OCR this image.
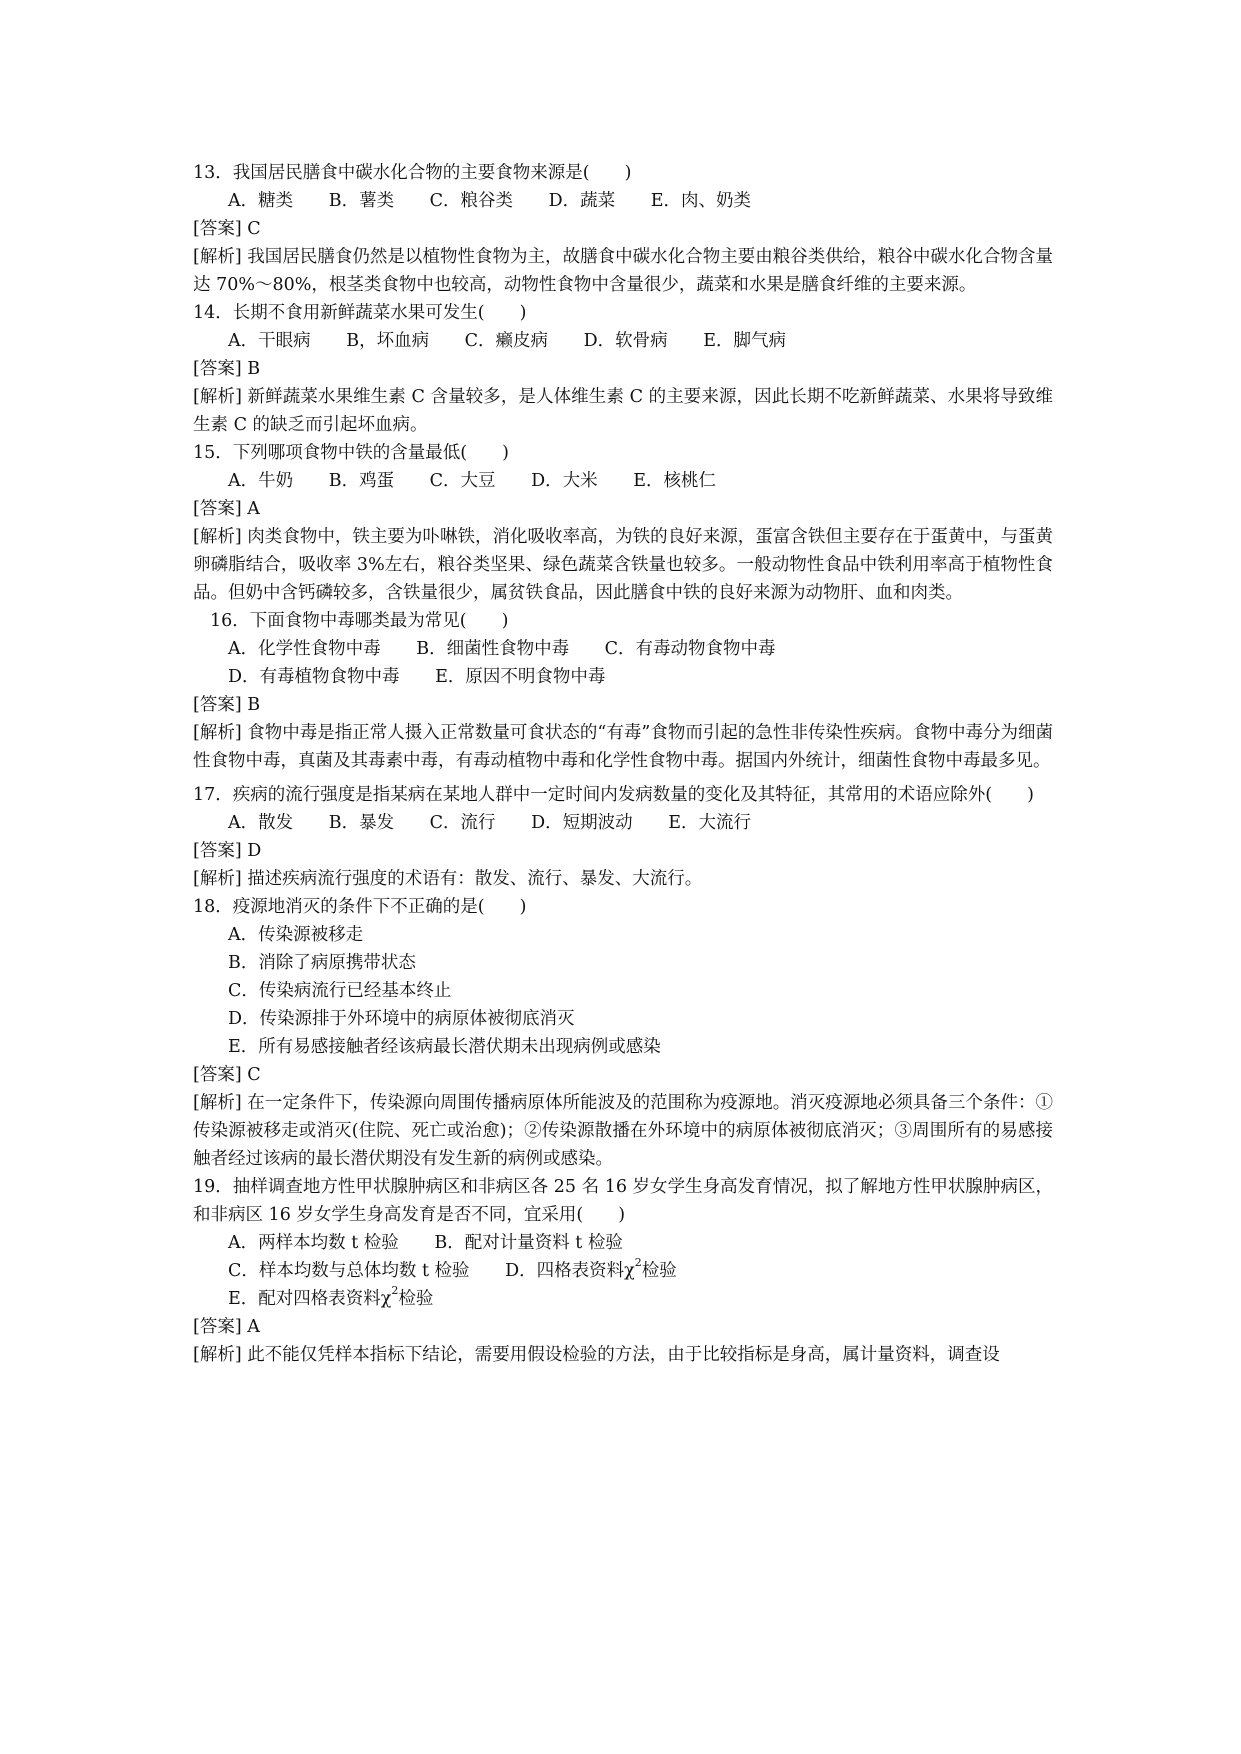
13．我国居民膳食中碳水化合物的主要食物来源是(　　)
A．糖类 B．薯类 C．粮谷类 D．蔬菜 E．肉、奶类
[答案] C
[解析] 我国居民膳食仍然是以植物性食物为主，故膳食中碳水化合物主要由粮谷类供给，粮谷中碳水化合物含量达 70%～80%，根茎类食物中也较高，动物性食物中含量很少，蔬菜和水果是膳食纤维的主要来源。
14．长期不食用新鲜蔬菜水果可发生(　　)
A．干眼病 B，坏血病 C．癞皮病 D．软骨病 E．脚气病
[答案] B
[解析] 新鲜蔬菜水果维生素 C 含量较多，是人体维生素 C 的主要来源，因此长期不吃新鲜蔬菜、水果将导致维生素 C 的缺乏而引起坏血病。
15．下列哪项食物中铁的含量最低(　　)
A．牛奶 B．鸡蛋 C．大豆 D．大米 E．核桃仁
[答案] A
[解析] 肉类食物中，铁主要为卟啉铁，消化吸收率高，为铁的良好来源，蛋富含铁但主要存在于蛋黄中，与蛋黄卵磷脂结合，吸收率 3%左右，粮谷类坚果、绿色蔬菜含铁量也较多。一般动物性食品中铁利用率高于植物性食品。但奶中含钙磷较多，含铁量很少，属贫铁食品，因此膳食中铁的良好来源为动物肝、血和肉类。
16．下面食物中毒哪类最为常见(　　)
A．化学性食物中毒 B．细菌性食物中毒 C．有毒动物食物中毒
D．有毒植物食物中毒 E．原因不明食物中毒
[答案] B
[解析] 食物中毒是指正常人摄入正常数量可食状态的“有毒”食物而引起的急性非传染性疾病。食物中毒分为细菌性食物中毒，真菌及其毒素中毒，有毒动植物中毒和化学性食物中毒。据国内外统计，细菌性食物中毒最多见。
17．疾病的流行强度是指某病在某地人群中一定时间内发病数量的变化及其特征，其常用的术语应除外(　　)
A．散发 B．暴发 C．流行 D．短期波动 E．大流行
[答案] D
[解析] 描述疾病流行强度的术语有：散发、流行、暴发、大流行。
18．疫源地消灭的条件下不正确的是(　　)
A．传染源被移走
B．消除了病原携带状态
C．传染病流行已经基本终止
D．传染源排于外环境中的病原体被彻底消灭
E．所有易感接触者经该病最长潜伏期未出现病例或感染
[答案] C
[解析] 在一定条件下，传染源向周围传播病原体所能波及的范围称为疫源地。消灭疫源地必须具备三个条件：①传染源被移走或消灭(住院、死亡或治愈)；②传染源散播在外环境中的病原体被彻底消灭；③周围所有的易感接触者经过该病的最长潜伏期没有发生新的病例或感染。
19．抽样调查地方性甲状腺肿病区和非病区各 25 名 16 岁女学生身高发育情况，拟了解地方性甲状腺肿病区，和非病区 16 岁女学生身高发育是否不同，宜采用(　　)
A．两样本均数 t 检验 B．配对计量资料 t 检验
C．样本均数与总体均数 t 检验 D．四格表资料$\chi^2$检验
E．配对四格表资料$\chi^2$检验
[答案] A
[解析] 此不能仅凭样本指标下结论，需要用假设检验的方法，由于比较指标是身高，属计量资料，调查设
